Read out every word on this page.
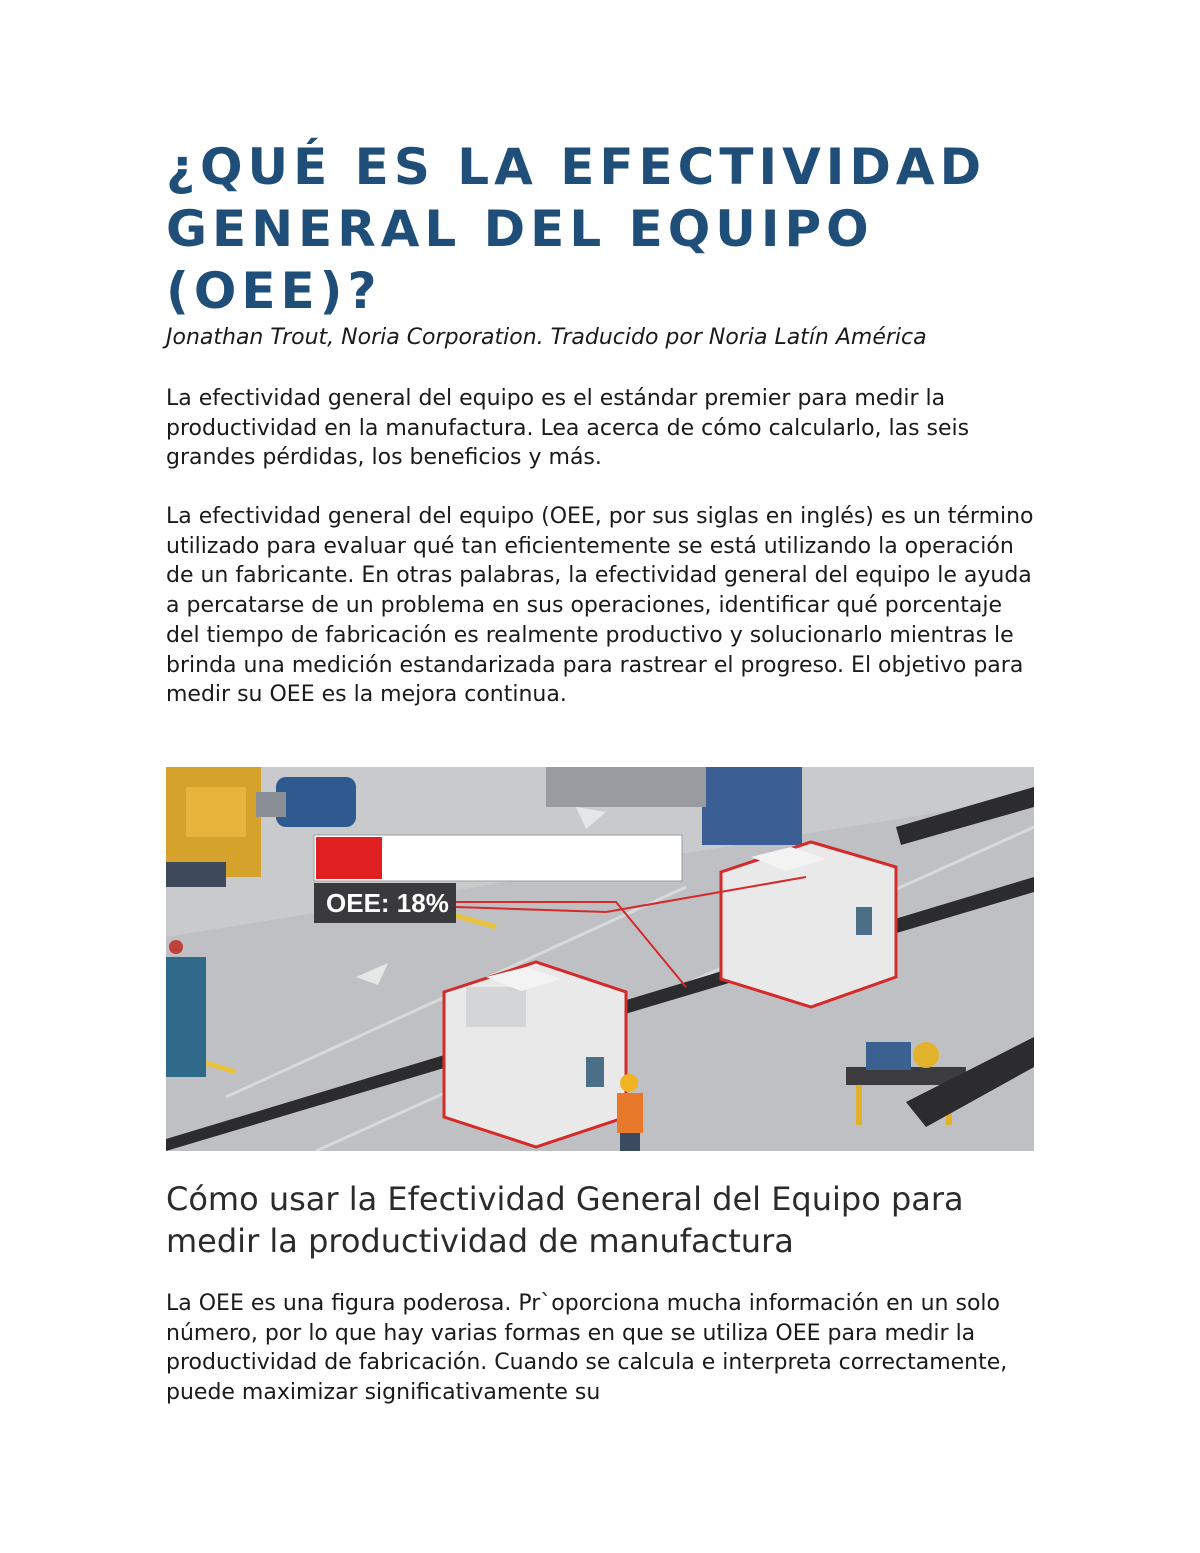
¿QUÉ ES LA EFECTIVIDAD GENERAL DEL EQUIPO (OEE)?

Jonathan Trout, Noria Corporation. Traducido por Noria Latín América

La efectividad general del equipo es el estándar premier para medir la productividad en la manufactura. Lea acerca de cómo calcularlo, las seis grandes pérdidas, los beneficios y más.

La efectividad general del equipo (OEE, por sus siglas en inglés) es un término utilizado para evaluar qué tan eficientemente se está utilizando la operación de un fabricante. En otras palabras, la efectividad general del equipo le ayuda a percatarse de un problema en sus operaciones, identificar qué porcentaje del tiempo de fabricación es realmente productivo y solucionarlo mientras le brinda una medición estandarizada para rastrear el progreso. El objetivo para medir su OEE es la mejora continua.

OEE: 18%
Cómo usar la Efectividad General del Equipo para medir la productividad de manufactura

La OEE es una figura poderosa. Pr`oporciona mucha información en un solo número, por lo que hay varias formas en que se utiliza OEE para medir la productividad de fabricación. Cuando se calcula e interpreta correctamente, puede maximizar significativamente su
